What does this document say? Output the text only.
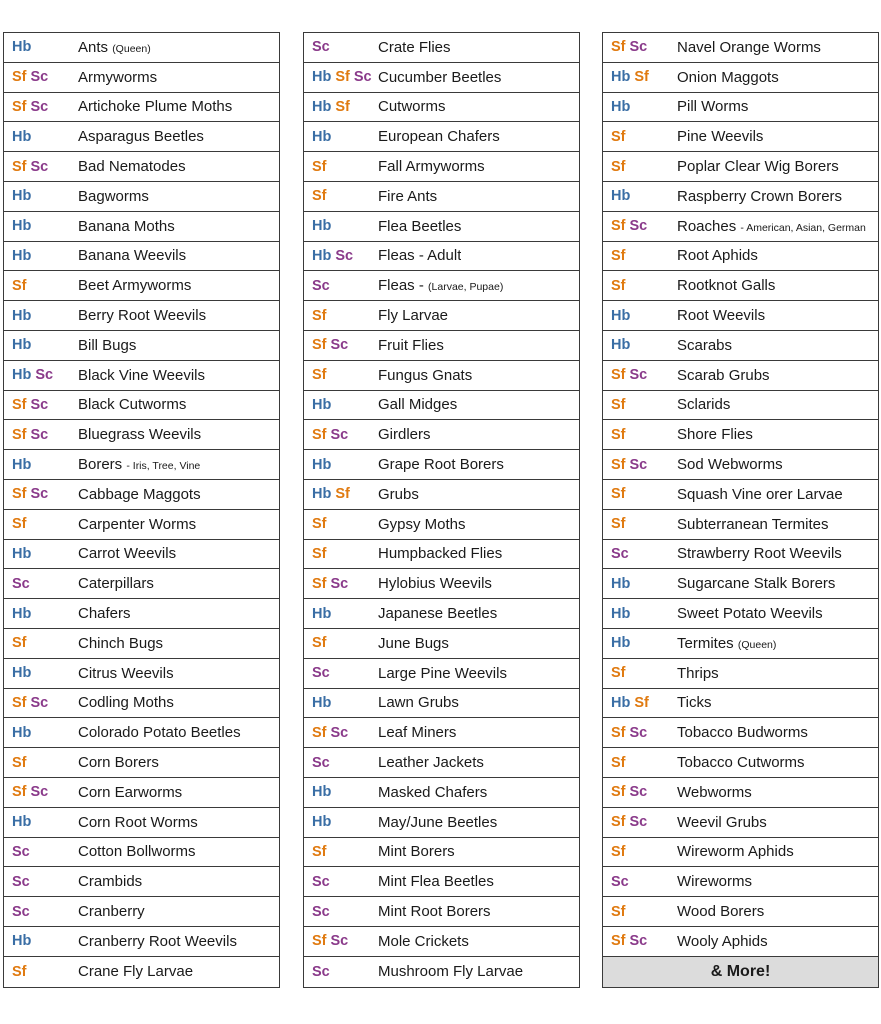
Hb	Ants (Queen)
Sf Sc	Armyworms
Sf Sc	Artichoke Plume Moths
Hb	Asparagus Beetles
Sf Sc	Bad Nematodes
Hb	Bagworms
Hb	Banana Moths
Hb	Banana Weevils
Sf	Beet Armyworms
Hb	Berry Root Weevils
Hb	Bill Bugs
Hb Sc	Black Vine Weevils
Sf Sc	Black Cutworms
Sf Sc	Bluegrass Weevils
Hb	Borers - Iris, Tree, Vine
Sf Sc	Cabbage Maggots
Sf	Carpenter Worms
Hb	Carrot Weevils
Sc	Caterpillars
Hb	Chafers
Sf	Chinch Bugs
Hb	Citrus Weevils
Sf Sc	Codling Moths
Hb	Colorado Potato Beetles
Sf	Corn Borers
Sf Sc	Corn Earworms
Hb	Corn Root Worms
Sc	Cotton Bollworms
Sc	Crambids
Sc	Cranberry
Hb	Cranberry Root Weevils
Sf	Crane Fly Larvae
Sc	Crate Flies
Hb Sf Sc Cucumber Beetles
Hb Sf	Cutworms
Hb	European Chafers
Sf	Fall Armyworms
Sf	Fire Ants
Hb	Flea Beetles
Hb Sc	Fleas - Adult
Sc	Fleas - (Larvae, Pupae)
Sf	Fly Larvae
Sf Sc	Fruit Flies
Sf	Fungus Gnats
Hb	Gall Midges
Sf Sc	Girdlers
Hb	Grape Root Borers
Hb Sf	Grubs
Sf	Gypsy Moths
Sf	Humpbacked Flies
Sf Sc	Hylobius Weevils
Hb	Japanese Beetles
Sf	June Bugs
Sc	Large Pine Weevils
Hb	Lawn Grubs
Sf Sc	Leaf Miners
Sc	Leather Jackets
Hb	Masked Chafers
Hb	May/June Beetles
Sf	Mint Borers
Sc	Mint Flea Beetles
Sc	Mint Root Borers
Sf Sc	Mole Crickets
Sc	Mushroom Fly Larvae
Sf Sc	Navel Orange Worms
Hb Sf	Onion Maggots
Hb	Pill Worms
Sf	Pine Weevils
Sf	Poplar Clear Wig Borers
Hb	Raspberry Crown Borers
Sf Sc	Roaches - American, Asian, German
Sf	Root Aphids
Sf	Rootknot Galls
Hb	Root Weevils
Hb	Scarabs
Sf Sc	Scarab Grubs
Sf	Sclarids
Sf	Shore Flies
Sf Sc	Sod Webworms
Sf	Squash Vine orer Larvae
Sf	Subterranean Termites
Sc	Strawberry Root Weevils
Hb	Sugarcane Stalk Borers
Hb	Sweet Potato Weevils
Hb	Termites (Queen)
Sf	Thrips
Hb Sf	Ticks
Sf Sc	Tobacco Budworms
Sf	Tobacco Cutworms
Sf Sc	Webworms
Sf Sc	Weevil Grubs
Sf	Wireworm Aphids
Sc	Wireworms
Sf	Wood Borers
Sf Sc	Wooly Aphids
& More!
